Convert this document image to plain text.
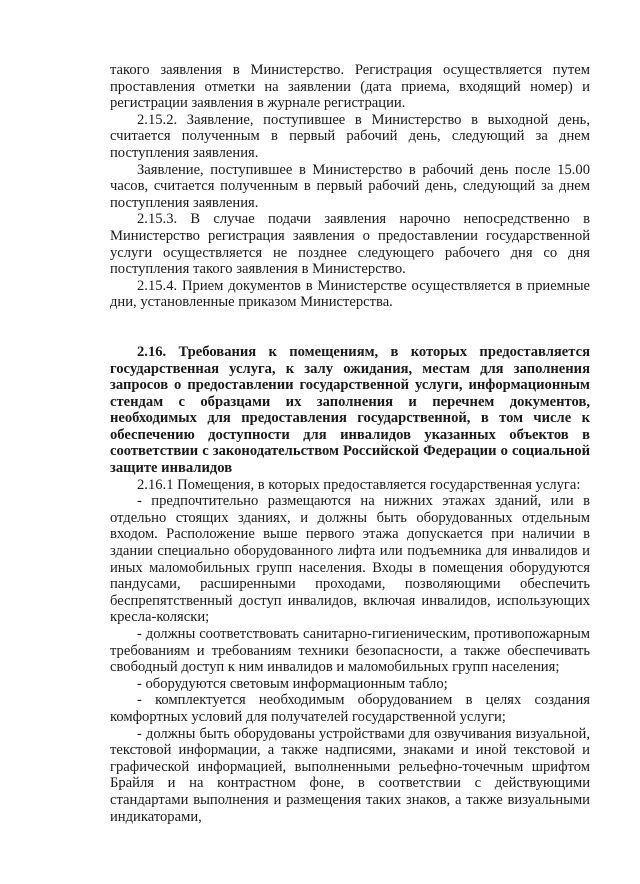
такого заявления в Министерство. Регистрация осуществляется путем проставления отметки на заявлении (дата приема, входящий номер) и регистрации заявления в журнале регистрации.

2.15.2. Заявление, поступившее в Министерство в выходной день, считается полученным в первый рабочий день, следующий за днем поступления заявления.

Заявление, поступившее в Министерство в рабочий день после 15.00 часов, считается полученным в первый рабочий день, следующий за днем поступления заявления.

2.15.3. В случае подачи заявления нарочно непосредственно в Министерство регистрация заявления о предоставлении государственной услуги осуществляется не позднее следующего рабочего дня со дня поступления такого заявления в Министерство.

2.15.4. Прием документов в Министерстве осуществляется в приемные дни, установленные приказом Министерства.

2.16. Требования к помещениям, в которых предоставляется государственная услуга, к залу ожидания, местам для заполнения запросов о предоставлении государственной услуги, информационным стендам с образцами их заполнения и перечнем документов, необходимых для предоставления государственной, в том числе к обеспечению доступности для инвалидов указанных объектов в соответствии с законодательством Российской Федерации о социальной защите инвалидов

2.16.1 Помещения, в которых предоставляется государственная услуга:

- предпочтительно размещаются на нижних этажах зданий, или в отдельно стоящих зданиях, и должны быть оборудованных отдельным входом. Расположение выше первого этажа допускается при наличии в здании специально оборудованного лифта или подъемника для инвалидов и иных маломобильных групп населения. Входы в помещения оборудуются пандусами, расширенными проходами, позволяющими обеспечить беспрепятственный доступ инвалидов, включая инвалидов, использующих кресла-коляски;

- должны соответствовать санитарно-гигиеническим, противопожарным требованиям и требованиям техники безопасности, а также обеспечивать свободный доступ к ним инвалидов и маломобильных групп населения;

- оборудуются световым информационным табло;

- комплектуется необходимым оборудованием в целях создания комфортных условий для получателей государственной услуги;

- должны быть оборудованы устройствами для озвучивания визуальной, текстовой информации, а также надписями, знаками и иной текстовой и графической информацией, выполненными рельефно-точечным шрифтом Брайля и на контрастном фоне, в соответствии с действующими стандартами выполнения и размещения таких знаков, а также визуальными индикаторами,
